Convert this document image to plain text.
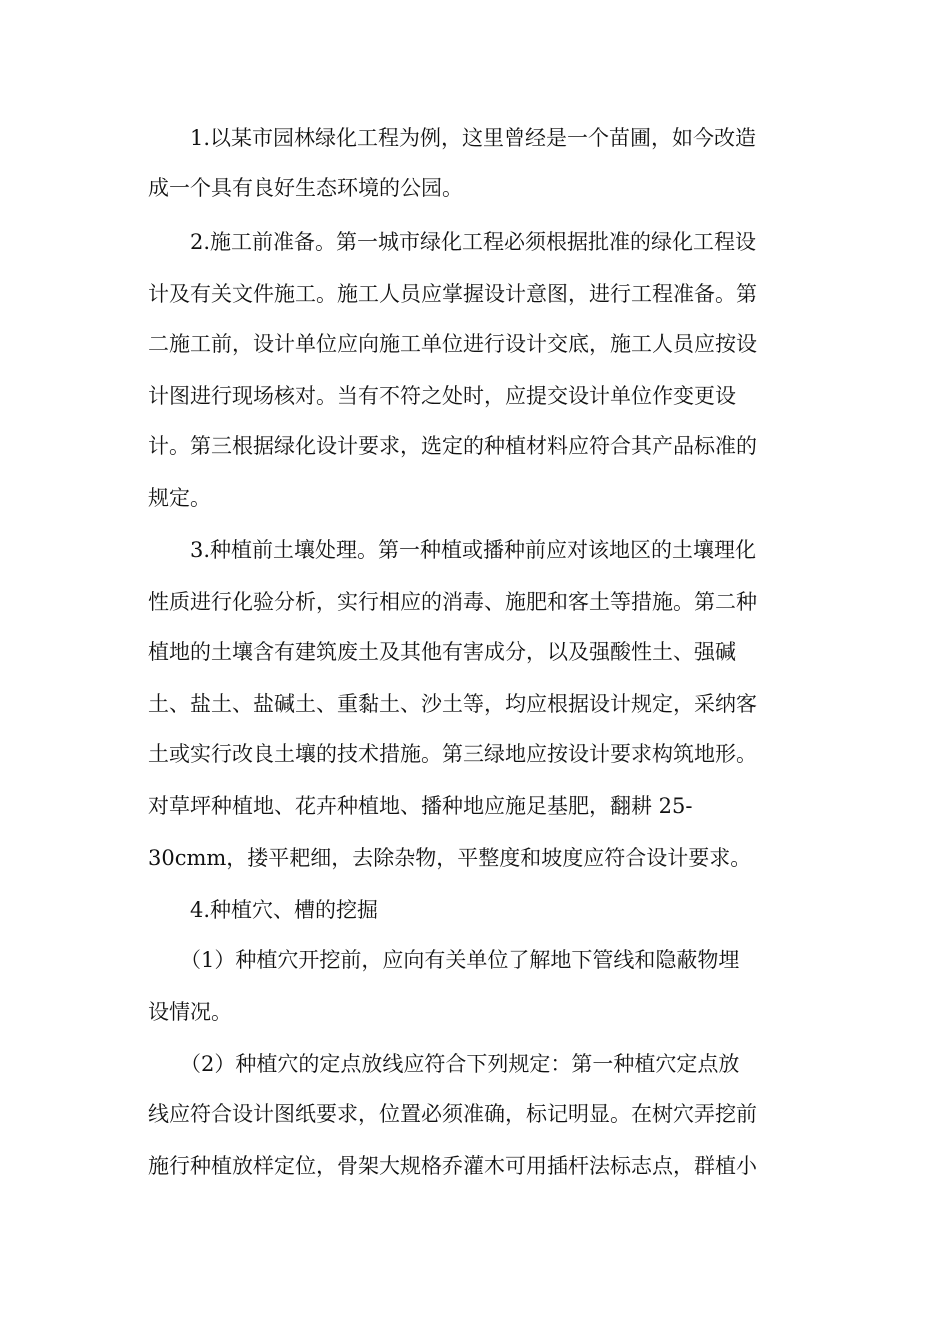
1.以某市园林绿化工程为例，这里曾经是一个苗圃，如今改造
成一个具有良好生态环境的公园。
2.施工前准备。第一城市绿化工程必须根据批准的绿化工程设
计及有关文件施工。施工人员应掌握设计意图，进行工程准备。第
二施工前，设计单位应向施工单位进行设计交底，施工人员应按设
计图进行现场核对。当有不符之处时，应提交设计单位作变更设
计。第三根据绿化设计要求，选定的种植材料应符合其产品标准的
规定。
3.种植前土壤处理。第一种植或播种前应对该地区的土壤理化
性质进行化验分析，实行相应的消毒、施肥和客土等措施。第二种
植地的土壤含有建筑废土及其他有害成分，以及强酸性土、强碱
土、盐土、盐碱土、重黏土、沙土等，均应根据设计规定，采纳客
土或实行改良土壤的技术措施。第三绿地应按设计要求构筑地形。
对草坪种植地、花卉种植地、播种地应施足基肥，翻耕 25-
30cmm，搂平耙细，去除杂物，平整度和坡度应符合设计要求。
4.种植穴、槽的挖掘
（1）种植穴开挖前，应向有关单位了解地下管线和隐蔽物埋
设情况。
（2）种植穴的定点放线应符合下列规定：第一种植穴定点放
线应符合设计图纸要求，位置必须准确，标记明显。在树穴弄挖前
施行种植放样定位，骨架大规格乔灌木可用插杆法标志点，群植小
